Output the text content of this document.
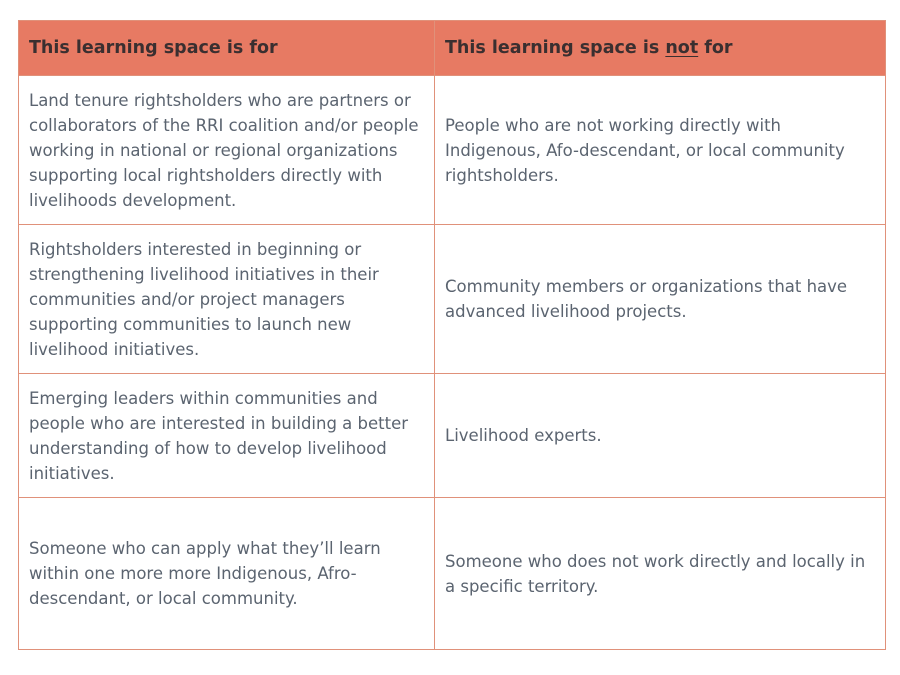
This learning space is for	This learning space is not for
Land tenure rightsholders who are partners or collaborators of the RRI coalition and/or people working in national or regional organizations supporting local rightsholders directly with livelihoods development.	People who are not working directly with Indigenous, Afo-descendant, or local community rightsholders.
Rightsholders interested in beginning or strengthening livelihood initiatives in their communities and/or project managers supporting communities to launch new livelihood initiatives.	Community members or organizations that have advanced livelihood projects.
Emerging leaders within communities and people who are interested in building a better understanding of how to develop livelihood initiatives.	Livelihood experts.
Someone who can apply what they’ll learn within one more more Indigenous, Afro-descendant, or local community.	Someone who does not work directly and locally in a specific territory.
